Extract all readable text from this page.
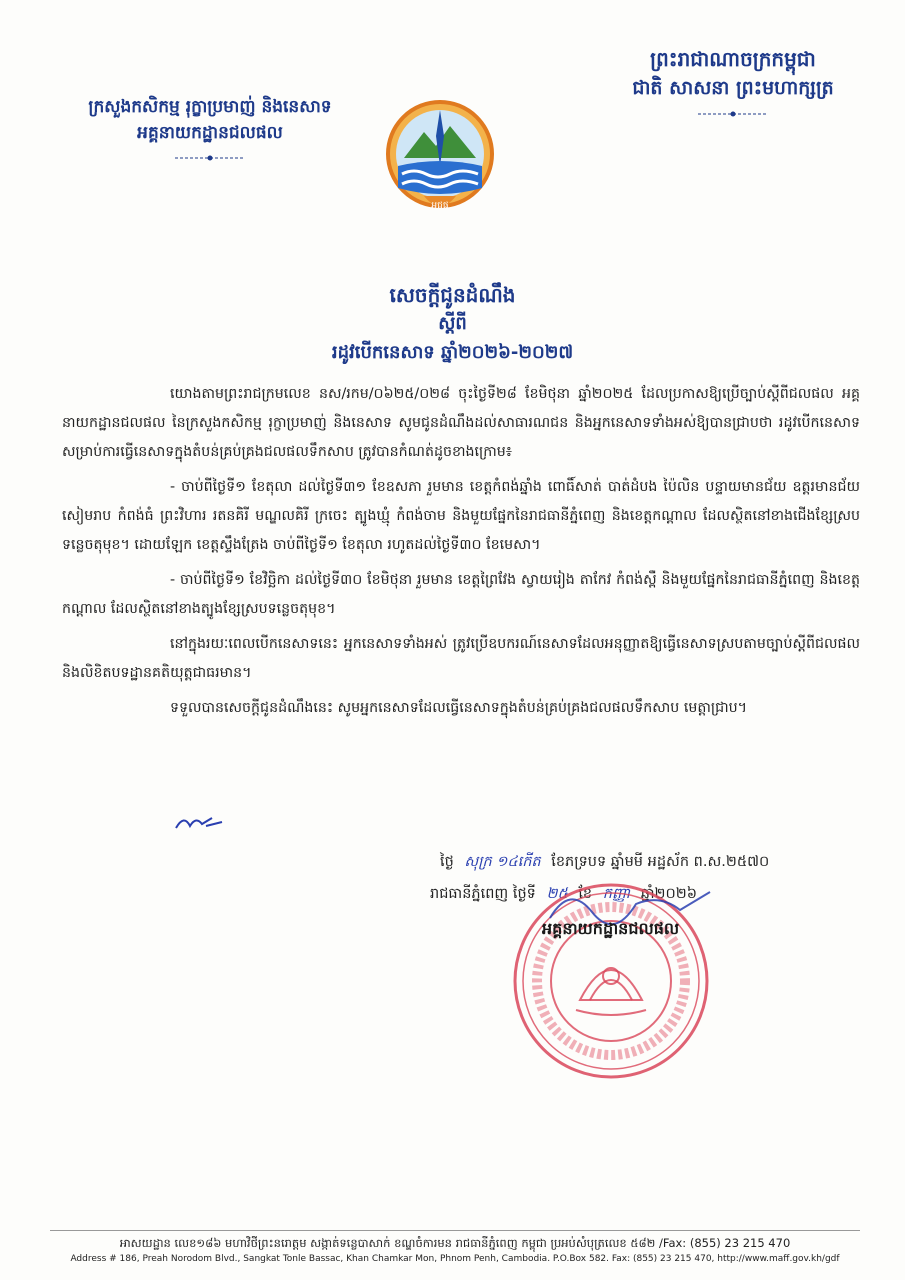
ព្រះរាជាណាចក្រកម្ពុជា
ជាតិ សាសនា ព្រះមហាក្សត្រ
ក្រសួងកសិកម្ម រុក្ខាប្រមាញ់ និងនេសាទ
អគ្គនាយកដ្ឋានជលផល
អជផ
សេចក្តីជូនដំណឹង
ស្តីពី
រដូវបើកនេសាទ ឆ្នាំ២០២៦-២០២៧

យោងតាមព្រះរាជក្រមលេខ នស/រកម/០៦២៥/០២៨ ចុះថ្ងៃទី២៨ ខែមិថុនា ឆ្នាំ២០២៥ ដែលប្រកាសឱ្យប្រើច្បាប់ស្តីពីជលផល អគ្គនាយកដ្ឋានជលផល នៃក្រសួងកសិកម្ម រុក្ខាប្រមាញ់ និងនេសាទ សូមជូនដំណឹងដល់សាធារណជន និងអ្នកនេសាទទាំងអស់ឱ្យបានជ្រាបថា រដូវបើកនេសាទសម្រាប់ការធ្វើនេសាទក្នុងតំបន់គ្រប់គ្រងជលផលទឹកសាប ត្រូវបានកំណត់ដូចខាងក្រោម៖

- ចាប់ពីថ្ងៃទី១ ខែតុលា ដល់ថ្ងៃទី៣១ ខែឧសភា រួមមាន ខេត្តកំពង់ឆ្នាំង ពោធិ៍សាត់ បាត់ដំបង ប៉ៃលិន បន្ទាយមានជ័យ ឧត្តរមានជ័យ សៀមរាប កំពង់ធំ ព្រះវិហារ រតនគិរី មណ្ឌលគិរី ក្រចេះ ត្បូងឃ្មុំ កំពង់ចាម និងមួយផ្នែកនៃរាជធានីភ្នំពេញ និងខេត្តកណ្តាល ដែលស្ថិតនៅខាងជើងខ្សែស្របទន្លេចតុមុខ។ ដោយឡែក ខេត្តស្ទឹងត្រែង ចាប់ពីថ្ងៃទី១ ខែតុលា រហូតដល់ថ្ងៃទី៣០ ខែមេសា។

- ចាប់ពីថ្ងៃទី១ ខែវិច្ឆិកា ដល់ថ្ងៃទី៣០ ខែមិថុនា រួមមាន ខេត្តព្រៃវែង ស្វាយរៀង តាកែវ កំពង់ស្ពឺ និងមួយផ្នែកនៃរាជធានីភ្នំពេញ និងខេត្តកណ្តាល ដែលស្ថិតនៅខាងត្បូងខ្សែស្របទន្លេចតុមុខ។

នៅក្នុងរយៈពេលបើកនេសាទនេះ អ្នកនេសាទទាំងអស់ ត្រូវប្រើឧបករណ៍នេសាទដែលអនុញ្ញាតឱ្យធ្វើនេសាទស្របតាមច្បាប់ស្តីពីជលផលនិងលិខិតបទដ្ឋានគតិយុត្តជាធរមាន។

ទទួលបានសេចក្តីជូនដំណឹងនេះ សូមអ្នកនេសាទដែលធ្វើនេសាទក្នុងតំបន់គ្រប់គ្រងជលផលទឹកសាប មេត្តាជ្រាប។

ថ្ងៃ សុក្រ ១៤កើត ខែភទ្របទ ឆ្នាំមមី អដ្ឋស័ក ព.ស.២៥៧០
រាជធានីភ្នំពេញ ថ្ងៃទី ២៥ ខែ កញ្ញា ឆ្នាំ២០២៦
អគ្គនាយកដ្ឋានជលផល
អាសយដ្ឋាន លេខ១៨៦ មហាវិថីព្រះនរោត្តម សង្កាត់ទន្លេបាសាក់ ខណ្ឌចំការមន រាជធានីភ្នំពេញ កម្ពុជា ប្រអប់សំបុត្រលេខ ៥៨២ /Fax: (855) 23 215 470
Address # 186, Preah Norodom Blvd., Sangkat Tonle Bassac, Khan Chamkar Mon, Phnom Penh, Cambodia. P.O.Box 582. Fax: (855) 23 215 470, http://www.maff.gov.kh/gdf
